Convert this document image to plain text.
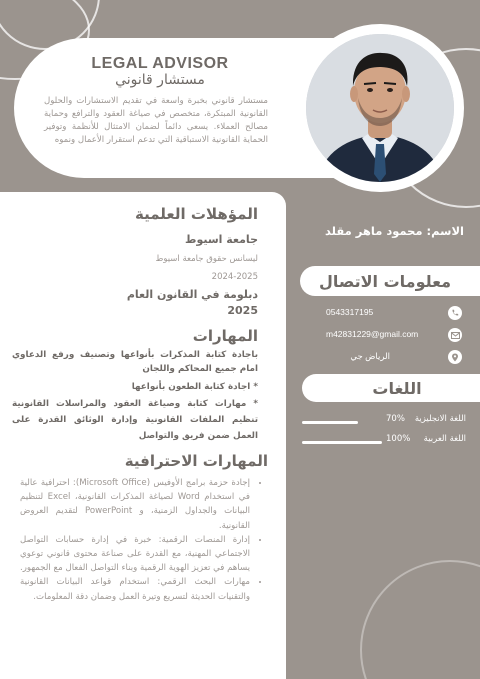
LEGAL ADVISOR
مستشار قانوني
مستشار قانوني بخبرة واسعة في تقديم الاستشارات والحلول القانونية المبتكرة، متخصص في صياغة العقود والترافع وحماية مصالح العملاء. يسعى دائماً لضمان الامتثال للأنظمة وتوفير الحماية القانونية الاستباقية التي تدعم استقرار الأعمال ونموه
المؤهلات العلمية
جامعة اسيوط
ليسانس حقوق جامعة اسيوط
2024-2025
دبلومة في القانون العام
2025
المهارات
باجادة كتابة المذكرات بأنواعها وتصنيف ورفع الدعاوي امام جميع المحاكم واللجان
* اجادة كتابة الطعون بأنواعها
* مهارات كتابة وصياغة العقود والمراسلات القانونية تنظيم الملفات القانونية وإدارة الوثائق القدرة على العمل ضمن فريق والتواصل
المهارات الاحترافية
• إجادة حزمة برامج الأوفيس (Microsoft Office): احترافية عالية في استخدام Word لصياغة المذكرات القانونية، Excel لتنظيم البيانات والجداول الزمنية، و PowerPoint لتقديم العروض القانونية.
• إدارة المنصات الرقمية: خبرة في إدارة حسابات التواصل الاجتماعي المهنية، مع القدرة على صناعة محتوى قانوني توعوي يساهم في تعزيز الهوية الرقمية وبناء التواصل الفعال مع الجمهور.
• مهارات البحث الرقمي: استخدام قواعد البيانات القانونية والتقنيات الحديثة لتسريع وتيرة العمل وضمان دقة المعلومات.
الاسم: محمود ماهر مقلد
معلومات الاتصال
0543317195
m42831229@gmail.com
الرياض جي
اللغات
اللغة الانجليزية
70%
اللغة العربية
100%
